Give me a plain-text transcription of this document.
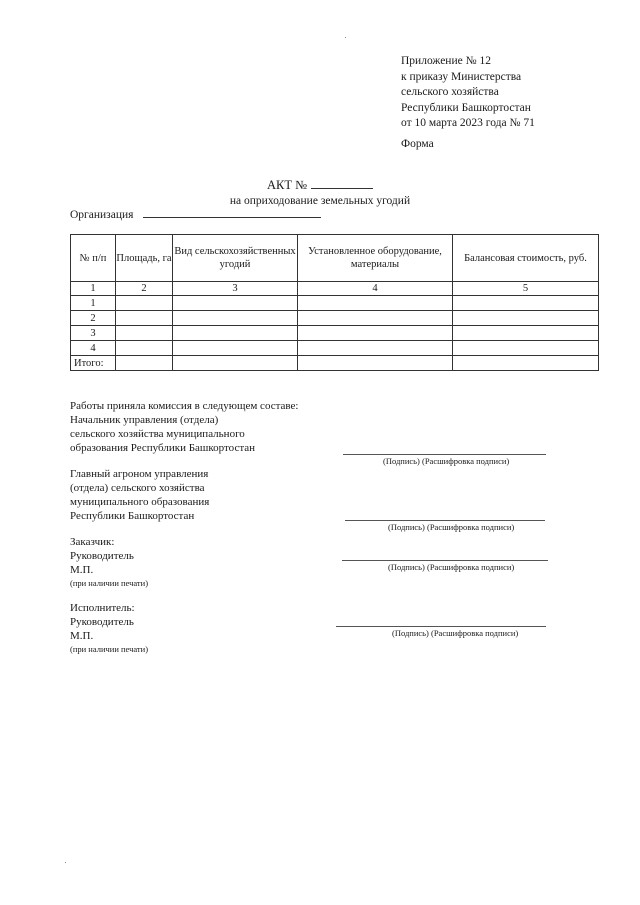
Приложение № 12
к приказу Министерства
сельского хозяйства
Республики Башкортостан
от 10 марта 2023 года № 71
Форма
АКТ №
на оприходование земельных угодий
Организация
№ п/п	Площадь, га	Вид сельскохозяйственных угодий	Установленное оборудование, материалы	Балансовая стоимость, руб.
1	2	3	4	5
1				
2				
3				
4				
Итого:				
Работы приняла комиссия в следующем составе:
Начальник управления (отдела)
сельского хозяйства муниципального
образования Республики Башкортостан
(Подпись) (Расшифровка подписи)
Главный агроном управления
(отдела) сельского хозяйства
муниципального образования
Республики Башкортостан
(Подпись) (Расшифровка подписи)
Заказчик:
Руководитель
М.П.
(при наличии печати)
(Подпись) (Расшифровка подписи)
Исполнитель:
Руководитель
М.П.
(при наличии печати)
(Подпись) (Расшифровка подписи)
